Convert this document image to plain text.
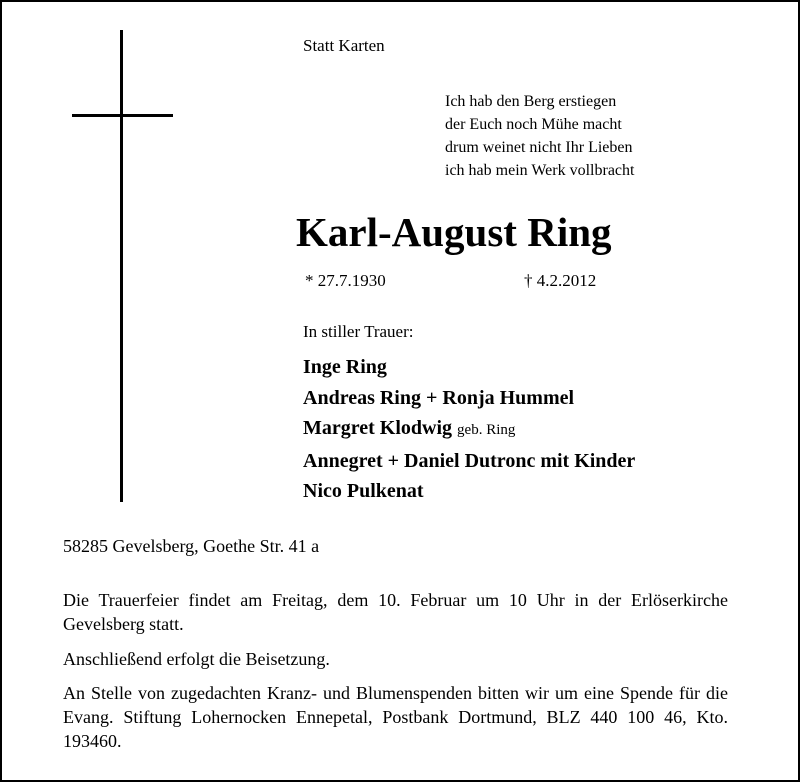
Statt Karten
Ich hab den Berg erstiegen
der Euch noch Mühe macht
drum weinet nicht Ihr Lieben
ich hab mein Werk vollbracht
Karl-August Ring
* 27.7.1930	† 4.2.2012
In stiller Trauer:
Inge Ring
Andreas Ring + Ronja Hummel
Margret Klodwig geb. Ring
Annegret + Daniel Dutronc mit Kinder
Nico Pulkenat
58285 Gevelsberg, Goethe Str. 41 a
Die Trauerfeier findet am Freitag, dem 10. Februar um 10 Uhr in der Erlöserkirche Gevelsberg statt.
Anschließend erfolgt die Beisetzung.
An Stelle von zugedachten Kranz- und Blumenspenden bitten wir um eine Spende für die Evang. Stiftung Lohernocken Ennepetal, Postbank Dortmund, BLZ 440 100 46, Kto. 193460.
